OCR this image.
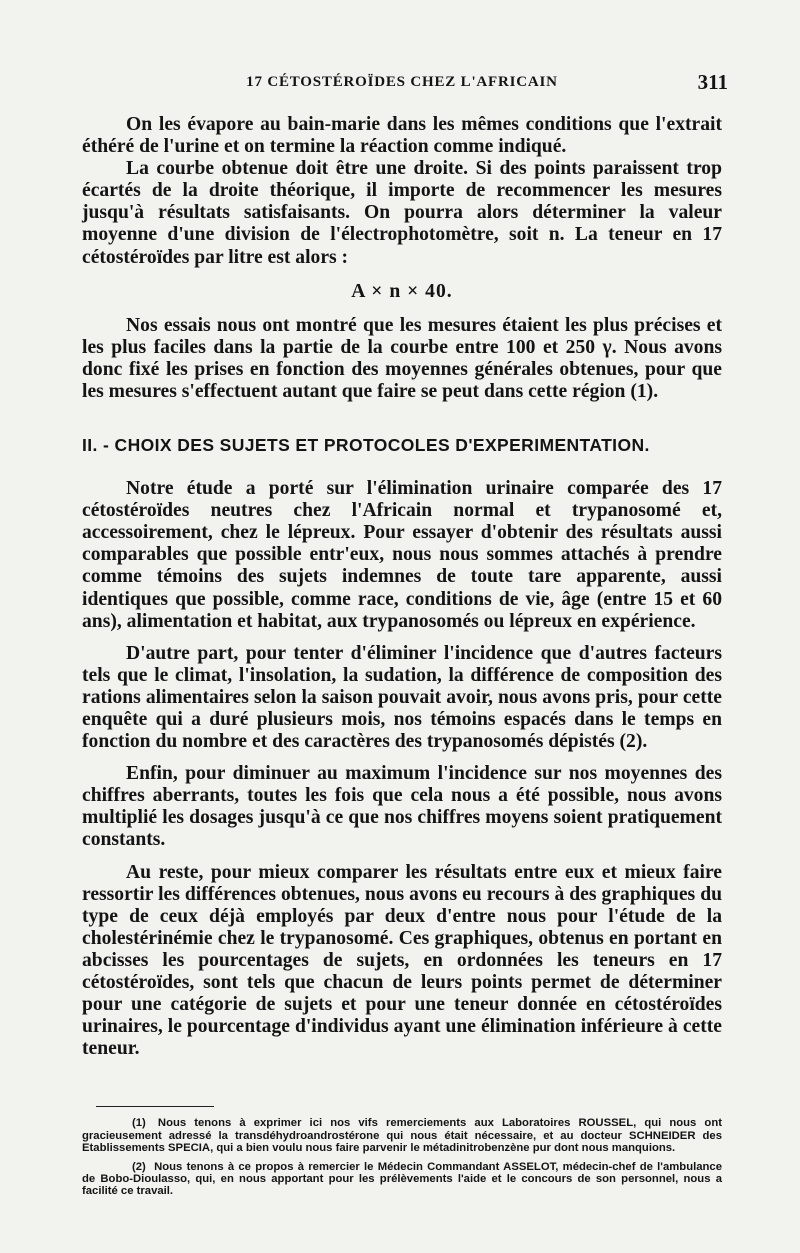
17 CÉTOSTÉROÏDES CHEZ L'AFRICAIN	311

On les évapore au bain-marie dans les mêmes conditions que l'extrait éthéré de l'urine et on termine la réaction comme indiqué.

La courbe obtenue doit être une droite. Si des points paraissent trop écartés de la droite théorique, il importe de recommencer les mesures jusqu'à résultats satisfaisants. On pourra alors déterminer la valeur moyenne d'une division de l'électrophotomètre, soit n. La teneur en 17 cétostéroïdes par litre est alors :

A × n × 40.

Nos essais nous ont montré que les mesures étaient les plus précises et les plus faciles dans la partie de la courbe entre 100 et 250 γ. Nous avons donc fixé les prises en fonction des moyennes générales obtenues, pour que les mesures s'effectuent autant que faire se peut dans cette région (1).

II. - CHOIX DES SUJETS ET PROTOCOLES D'EXPERIMENTATION.

Notre étude a porté sur l'élimination urinaire comparée des 17 cétostéroïdes neutres chez l'Africain normal et trypanosomé et, accessoirement, chez le lépreux. Pour essayer d'obtenir des résultats aussi comparables que possible entr'eux, nous nous sommes attachés à prendre comme témoins des sujets indemnes de toute tare apparente, aussi identiques que possible, comme race, conditions de vie, âge (entre 15 et 60 ans), alimentation et habitat, aux trypanosomés ou lépreux en expérience.

D'autre part, pour tenter d'éliminer l'incidence que d'autres facteurs tels que le climat, l'insolation, la sudation, la différence de composition des rations alimentaires selon la saison pouvait avoir, nous avons pris, pour cette enquête qui a duré plusieurs mois, nos témoins espacés dans le temps en fonction du nombre et des caractères des trypanosomés dépistés (2).

Enfin, pour diminuer au maximum l'incidence sur nos moyennes des chiffres aberrants, toutes les fois que cela nous a été possible, nous avons multiplié les dosages jusqu'à ce que nos chiffres moyens soient pratiquement constants.

Au reste, pour mieux comparer les résultats entre eux et mieux faire ressortir les différences obtenues, nous avons eu recours à des graphiques du type de ceux déjà employés par deux d'entre nous pour l'étude de la cholestérinémie chez le trypanosomé. Ces graphiques, obtenus en portant en abcisses les pourcentages de sujets, en ordonnées les teneurs en 17 cétostéroïdes, sont tels que chacun de leurs points permet de déterminer pour une catégorie de sujets et pour une teneur donnée en cétostéroïdes urinaires, le pourcentage d'individus ayant une élimination inférieure à cette teneur.

(1) Nous tenons à exprimer ici nos vifs remerciements aux Laboratoires ROUSSEL, qui nous ont gracieusement adressé la transdéhydroandrostérone qui nous était nécessaire, et au docteur SCHNEIDER des Etablissements SPECIA, qui a bien voulu nous faire parvenir le métadinitrobenzène pur dont nous manquions.
(2) Nous tenons à ce propos à remercier le Médecin Commandant ASSELOT, médecin-chef de l'ambulance de Bobo-Dioulasso, qui, en nous apportant pour les prélèvements l'aide et le concours de son personnel, nous a facilité ce travail.
